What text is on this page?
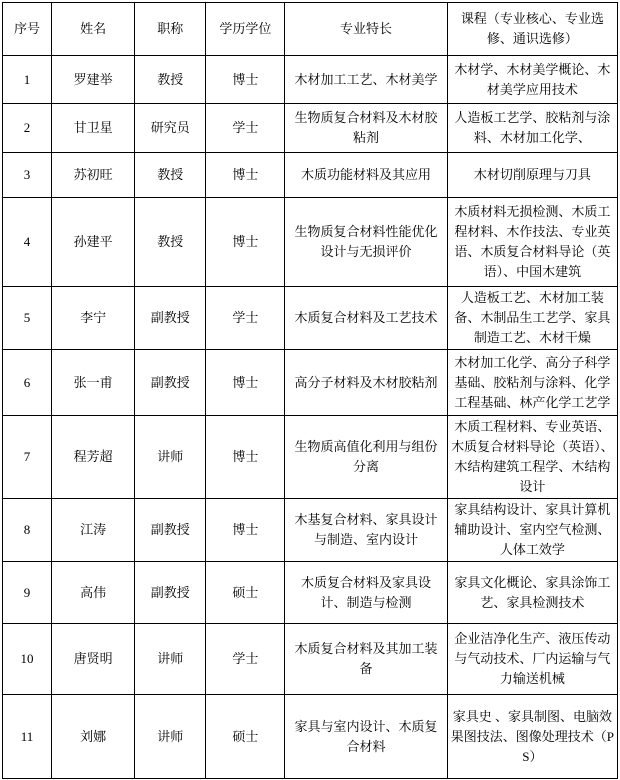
序号	姓名	职称	学历学位	专业特长	课程（专业核心、专业选修、通识选修）
1	罗建举	教授	博士	木材加工工艺、木材美学	木材学、木材美学概论、木材美学应用技术
2	甘卫星	研究员	学士	生物质复合材料及木材胶粘剂	人造板工艺学、胶粘剂与涂料、木材加工化学、
3	苏初旺	教授	博士	木质功能材料及其应用	木材切削原理与刀具
4	孙建平	教授	博士	生物质复合材料性能优化设计与无损评价	木质材料无损检测、木质工程材料、木作技法、专业英语、木质复合材料导论（英语）、中国木建筑
5	李宁	副教授	学士	木质复合材料及工艺技术	人造板工艺、木材加工装备、木制品生工艺学、家具制造工艺、木材干燥
6	张一甫	副教授	博士	高分子材料及木材胶粘剂	木材加工化学、高分子科学基础、胶粘剂与涂料、化学工程基础、林产化学工艺学
7	程芳超	讲师	博士	生物质高值化利用与组份分离	木质工程材料、专业英语、木质复合材料导论（英语）、木结构建筑工程学、木结构设计
8	江涛	副教授	博士	木基复合材料、家具设计与制造、室内设计	家具结构设计、家具计算机辅助设计、室内空气检测、人体工效学
9	高伟	副教授	硕士	木质复合材料及家具设计、制造与检测	家具文化概论、家具涂饰工艺、家具检测技术
10	唐贤明	讲师	学士	木质复合材料及其加工装备	企业洁净化生产、液压传动与气动技术、厂内运输与气力输送机械
11	刘娜	讲师	硕士	家具与室内设计、木质复合材料	家具史 、家具制图、电脑效果图技法、图像处理技术（PS）
